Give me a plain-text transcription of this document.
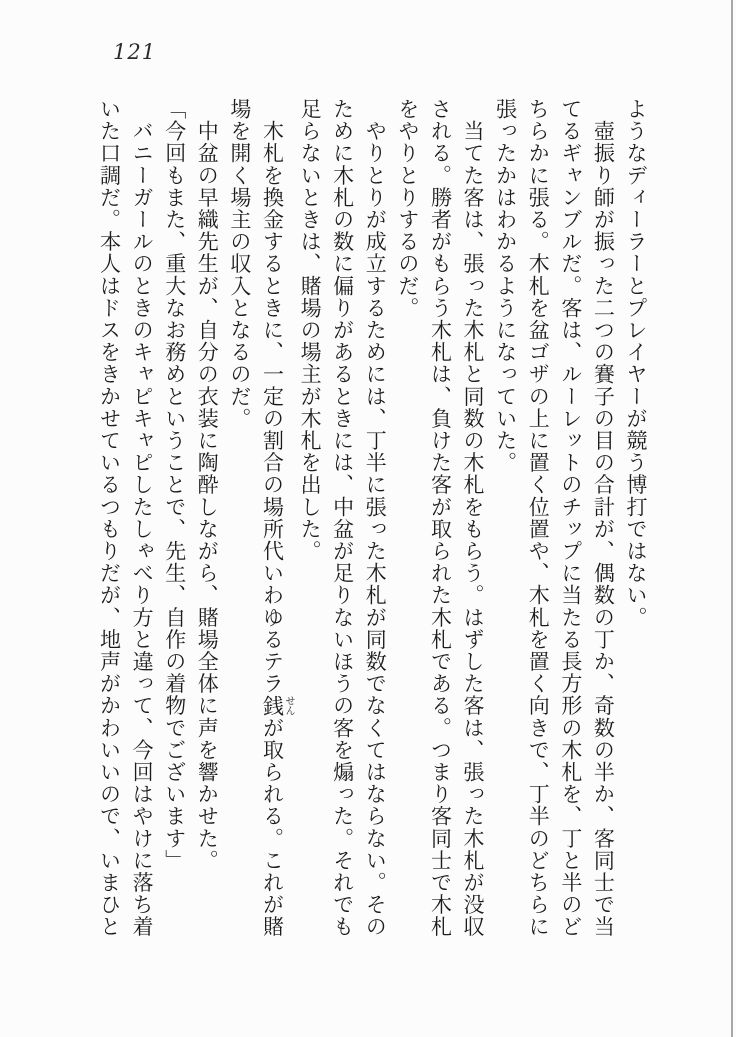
121

ようなディーラーとプレイヤーが競う博打ではない。

　壺振り師が振った二つの賽子の目の合計が、偶数の丁か、奇数の半か、客同士で当てるギャンブルだ。客は、ルーレットのチップに当たる長方形の木札を、丁と半のどちらかに張る。木札を盆ゴザの上に置く位置や、木札を置く向きで、丁半のどちらに張ったかはわかるようになっていた。

　当てた客は、張った木札と同数の木札をもらう。はずした客は、張った木札が没収される。勝者がもらう木札は、負けた客が取られた木札である。つまり客同士で木札をやりとりするのだ。

　やりとりが成立するためには、丁半に張った木札が同数でなくてはならない。そのために木札の数に偏りがあるときには、中盆が足りないほうの客を煽った。それでも足らないときは、賭場の場主が木札を出した。

　木札を換金するときに、一定の割合の場所代いわゆるテラ銭せんが取られる。これが賭場を開く場主の収入となるのだ。

　中盆の早織先生が、自分の衣装に陶酔しながら、賭場全体に声を響かせた。

「今回もまた、重大なお務めということで、先生、自作の着物でございます」

　バニーガールのときのキャピキャピしたしゃべり方と違って、今回はやけに落ち着いた口調だ。本人はドスをきかせているつもりだが、地声がかわいいので、いまひと
